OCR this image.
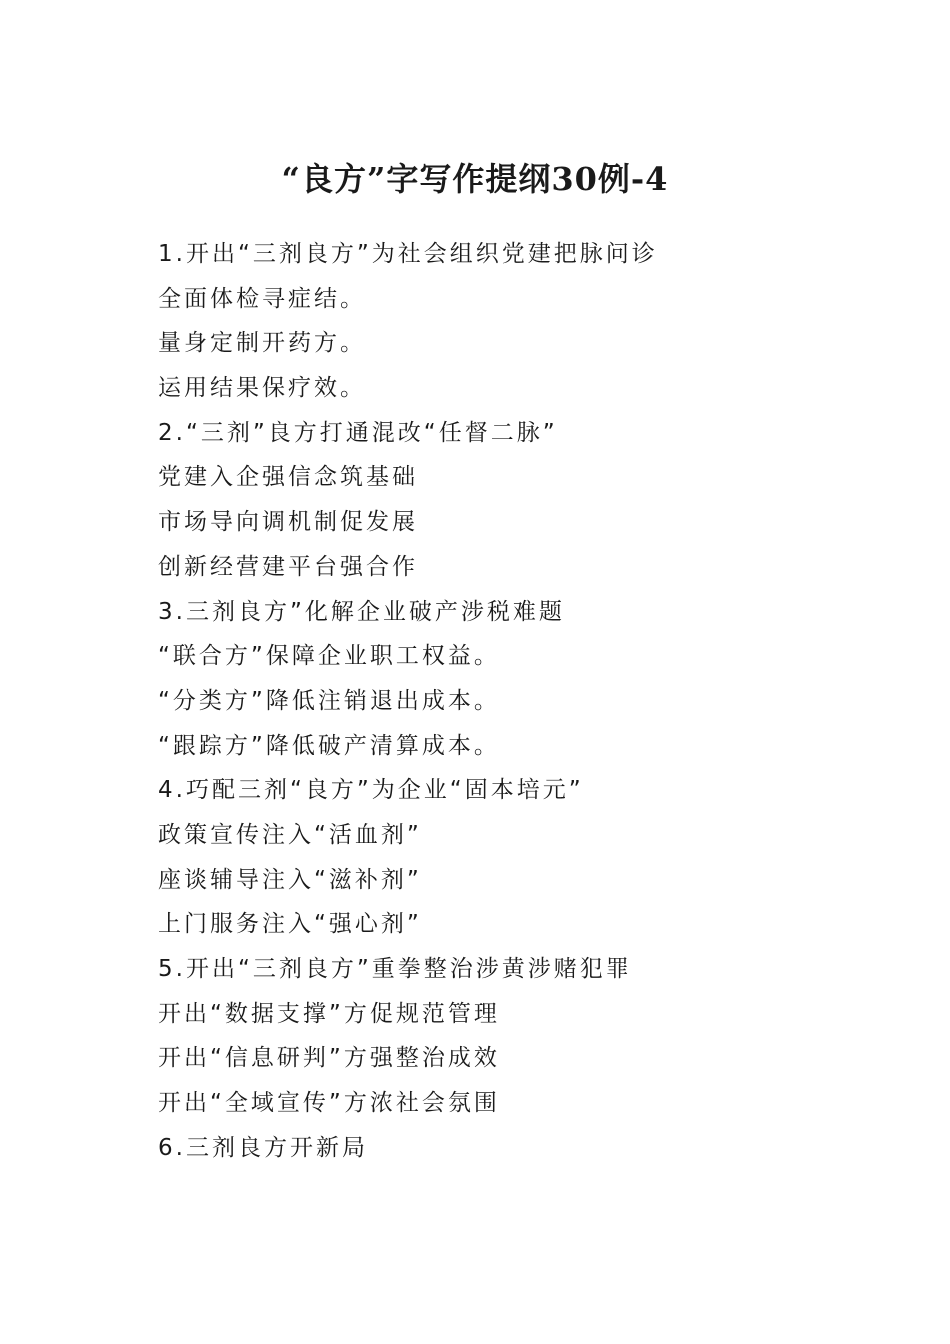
“良方”字写作提纲30例-4
1.开出“三剂良方”为社会组织党建把脉问诊
全面体检寻症结。
量身定制开药方。
运用结果保疗效。
2.“三剂”良方打通混改“任督二脉”
党建入企强信念筑基础
市场导向调机制促发展
创新经营建平台强合作
3.三剂良方”化解企业破产涉税难题
“联合方”保障企业职工权益。
“分类方”降低注销退出成本。
“跟踪方”降低破产清算成本。
4.巧配三剂“良方”为企业“固本培元”
政策宣传注入“活血剂”
座谈辅导注入“滋补剂”
上门服务注入“强心剂”
5.开出“三剂良方”重拳整治涉黄涉赌犯罪
开出“数据支撑”方促规范管理
开出“信息研判”方强整治成效
开出“全域宣传”方浓社会氛围
6.三剂良方开新局
